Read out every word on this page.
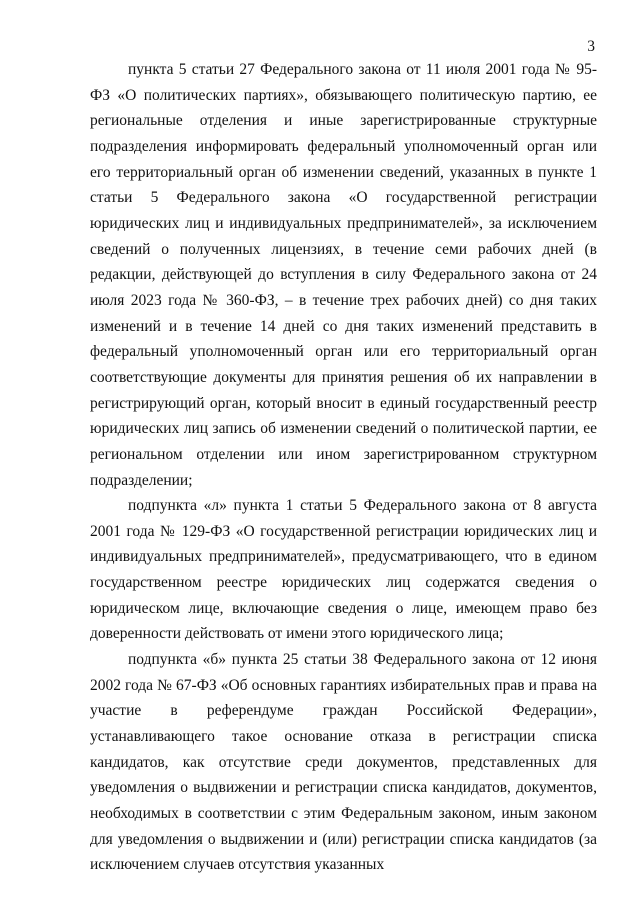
3

пункта 5 статьи 27 Федерального закона от 11 июля 2001 года № 95-ФЗ «О политических партиях», обязывающего политическую партию, ее региональные отделения и иные зарегистрированные структурные подразделения информировать федеральный уполномоченный орган или его территориальный орган об изменении сведений, указанных в пункте 1 статьи 5 Федерального закона «О государственной регистрации юридических лиц и индивидуальных предпринимателей», за исключением сведений о полученных лицензиях, в течение семи рабочих дней (в редакции, действующей до вступления в силу Федерального закона от 24 июля 2023 года № 360-ФЗ, – в течение трех рабочих дней) со дня таких изменений и в течение 14 дней со дня таких изменений представить в федеральный уполномоченный орган или его территориальный орган соответствующие документы для принятия решения об их направлении в регистрирующий орган, который вносит в единый государственный реестр юридических лиц запись об изменении сведений о политической партии, ее региональном отделении или ином зарегистрированном структурном подразделении;

подпункта «л» пункта 1 статьи 5 Федерального закона от 8 августа 2001 года № 129-ФЗ «О государственной регистрации юридических лиц и индивидуальных предпринимателей», предусматривающего, что в едином государственном реестре юридических лиц содержатся сведения о юридическом лице, включающие сведения о лице, имеющем право без доверенности действовать от имени этого юридического лица;

подпункта «б» пункта 25 статьи 38 Федерального закона от 12 июня 2002 года № 67-ФЗ «Об основных гарантиях избирательных прав и права на участие в референдуме граждан Российской Федерации», устанавливающего такое основание отказа в регистрации списка кандидатов, как отсутствие среди документов, представленных для уведомления о выдвижении и регистрации списка кандидатов, документов, необходимых в соответствии с этим Федеральным законом, иным законом для уведомления о выдвижении и (или) регистрации списка кандидатов (за исключением случаев отсутствия указанных
